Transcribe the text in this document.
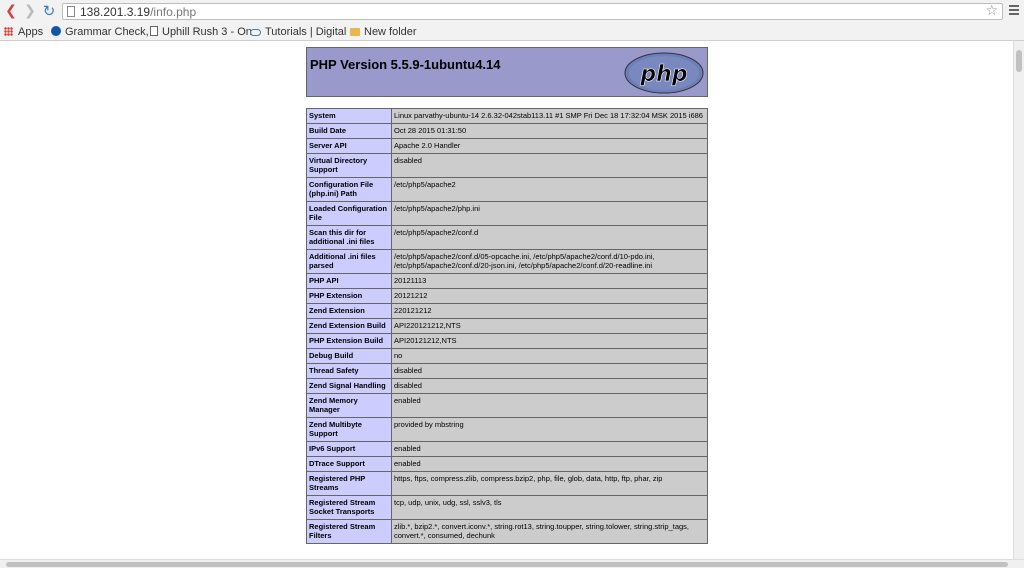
❮ ❯ ↻ 138.201.3.19/info.php	☆
Apps	Grammar Check,	Uphill Rush 3 - On	Tutorials | Digital	New folder
PHP Version 5.5.9-1ubuntu4.14	php
System	Linux parvathy-ubuntu-14 2.6.32-042stab113.11 #1 SMP Fri Dec 18 17:32:04 MSK 2015 i686
Build Date	Oct 28 2015 01:31:50
Server API	Apache 2.0 Handler
Virtual Directory Support	disabled
Configuration File (php.ini) Path	/etc/php5/apache2
Loaded Configuration File	/etc/php5/apache2/php.ini
Scan this dir for additional .ini files	/etc/php5/apache2/conf.d
Additional .ini files parsed	/etc/php5/apache2/conf.d/05-opcache.ini, /etc/php5/apache2/conf.d/10-pdo.ini, /etc/php5/apache2/conf.d/20-json.ini, /etc/php5/apache2/conf.d/20-readline.ini
PHP API	20121113
PHP Extension	20121212
Zend Extension	220121212
Zend Extension Build	API220121212,NTS
PHP Extension Build	API20121212,NTS
Debug Build	no
Thread Safety	disabled
Zend Signal Handling	disabled
Zend Memory Manager	enabled
Zend Multibyte Support	provided by mbstring
IPv6 Support	enabled
DTrace Support	enabled
Registered PHP Streams	https, ftps, compress.zlib, compress.bzip2, php, file, glob, data, http, ftp, phar, zip
Registered Stream Socket Transports	tcp, udp, unix, udg, ssl, sslv3, tls
Registered Stream Filters	zlib.*, bzip2.*, convert.iconv.*, string.rot13, string.toupper, string.tolower, string.strip_tags, convert.*, consumed, dechunk
